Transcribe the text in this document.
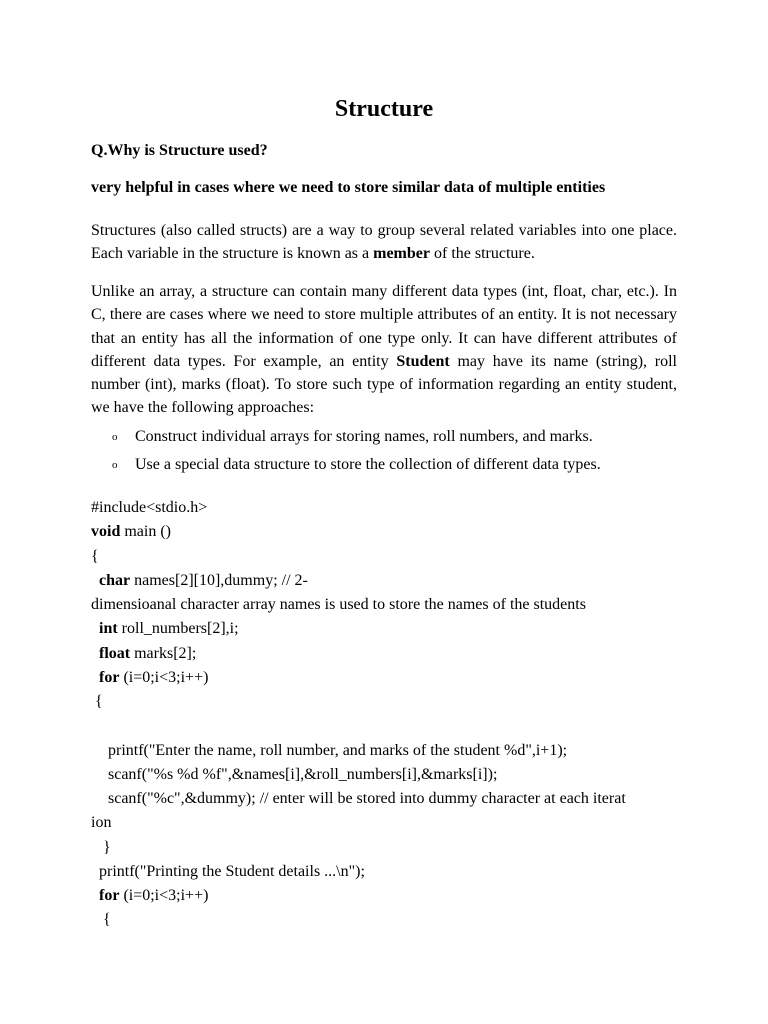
Structure
Q.Why is Structure used?
very helpful in cases where we need to store similar data of multiple entities
Structures (also called structs) are a way to group several related variables into one place. Each variable in the structure is known as a member of the structure.
Unlike an array, a structure can contain many different data types (int, float, char, etc.). In C, there are cases where we need to store multiple attributes of an entity. It is not necessary that an entity has all the information of one type only. It can have different attributes of different data types. For example, an entity Student may have its name (string), roll number (int), marks (float). To store such type of information regarding an entity student, we have the following approaches:
o Construct individual arrays for storing names, roll numbers, and marks.
o Use a special data structure to store the collection of different data types.
#include<stdio.h>
void main ()
{
char names[2][10],dummy; // 2-
dimensioanal character array names is used to store the names of the students
int roll_numbers[2],i;
float marks[2];
for (i=0;i<3;i++)
{
printf("Enter the name, roll number, and marks of the student %d",i+1);
scanf("%s %d %f",&names[i],&roll_numbers[i],&marks[i]);
scanf("%c",&dummy); // enter will be stored into dummy character at each iterat
ion
}
printf("Printing the Student details ...\n");
for (i=0;i<3;i++)
{
